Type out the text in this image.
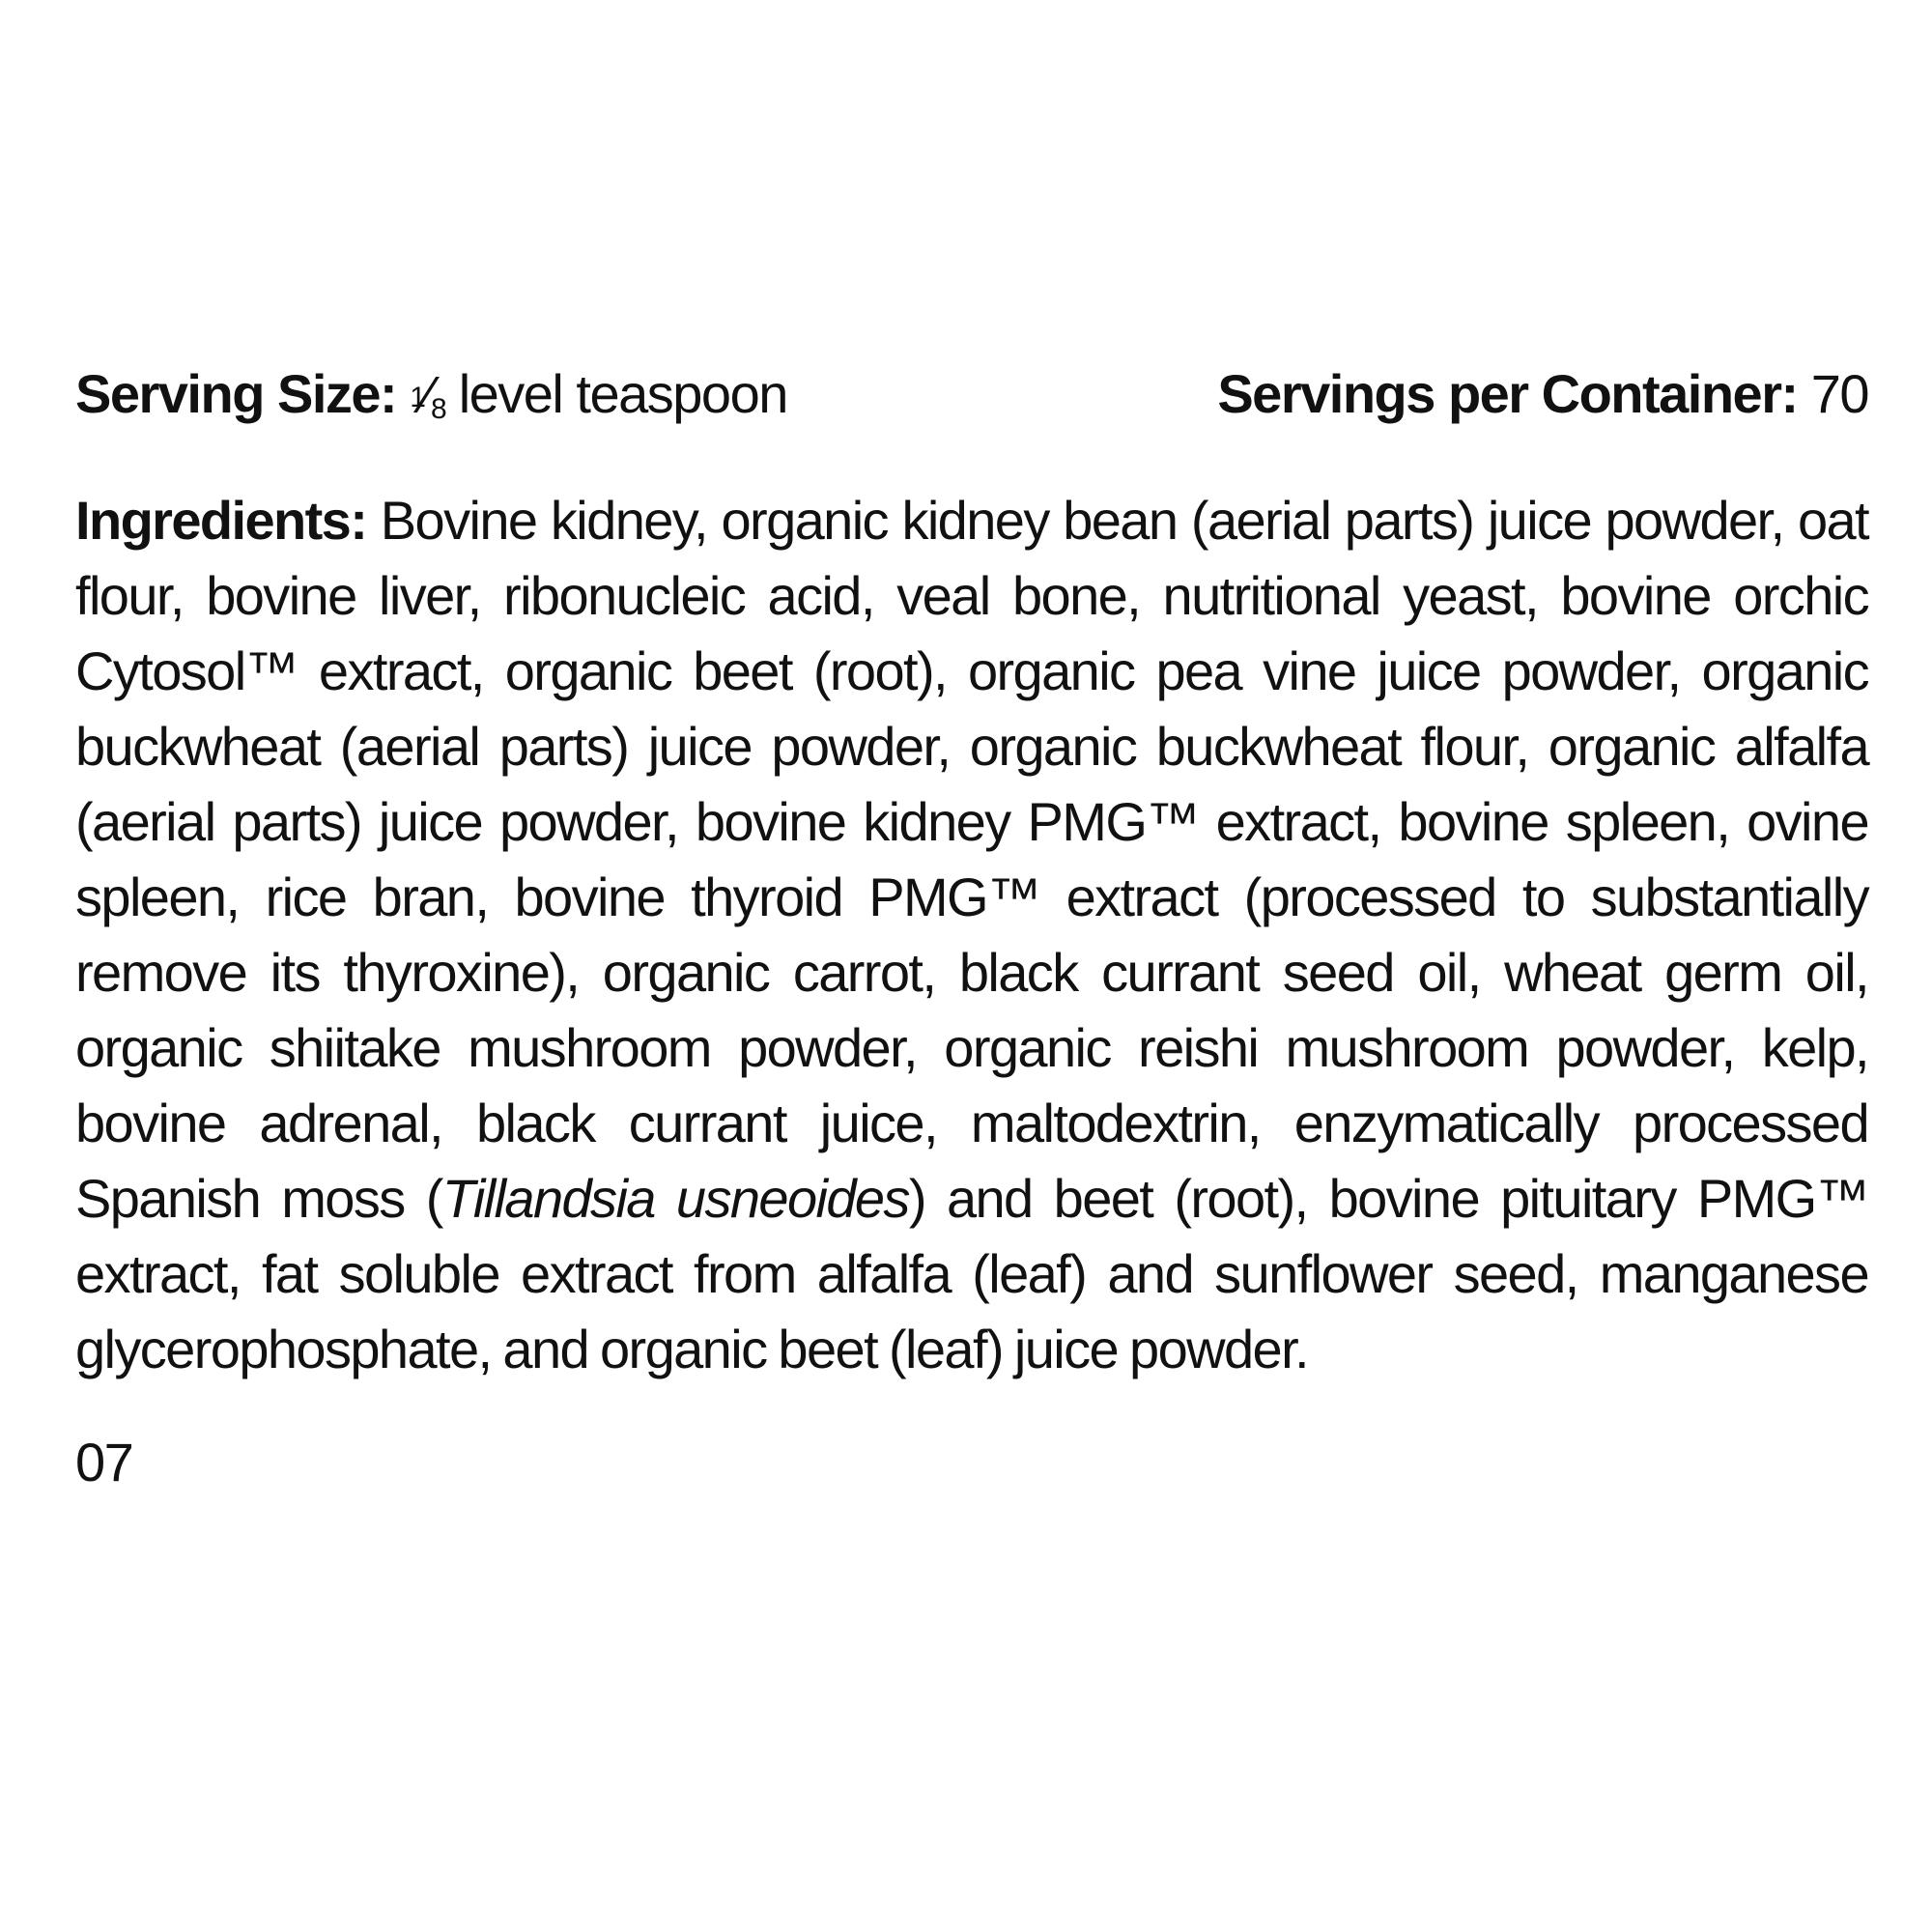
Serving Size: $^1⁄_8$ level teaspoon	Servings per Container: 70
Ingredients: Bovine kidney, organic kidney bean (aerial parts) juice powder, oat flour, bovine liver, ribonucleic acid, veal bone, nutritional yeast, bovine orchic Cytosol™ extract, organic beet (root), organic pea vine juice powder, organic buckwheat (aerial parts) juice powder, organic buckwheat flour, organic alfalfa (aerial parts) juice powder, bovine kidney PMG™ extract, bovine spleen, ovine spleen, rice bran, bovine thyroid PMG™ extract (processed to substantially remove its thyroxine), organic carrot, black currant seed oil, wheat germ oil, organic shiitake mushroom powder, organic reishi mushroom powder, kelp, bovine adrenal, black currant juice, maltodextrin, enzymatically processed Spanish moss (Tillandsia usneoides) and beet (root), bovine pituitary PMG™ extract, fat soluble extract from alfalfa (leaf) and sunflower seed, manganese glycerophosphate, and organic beet (leaf) juice powder.
07
